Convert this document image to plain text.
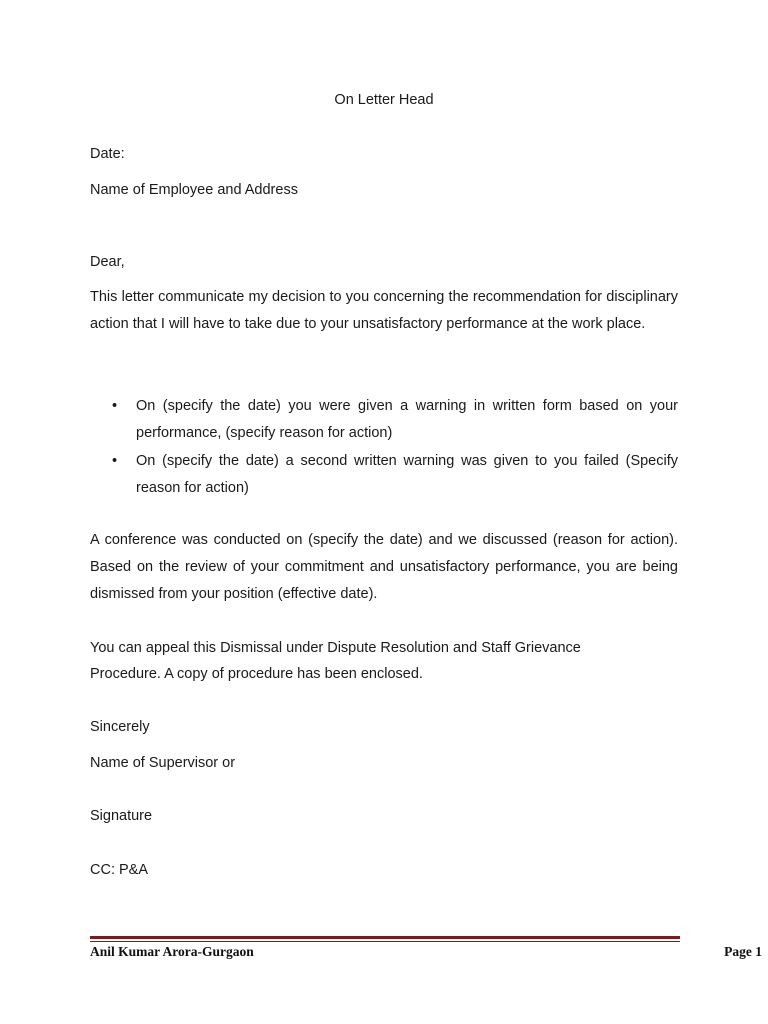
On Letter Head

Date:

Name of Employee and Address

Dear,

This letter communicate my decision to you concerning the recommendation for disciplinary action that I will have to take due to your unsatisfactory performance at the work place.

• On (specify the date) you were given a warning in written form based on your performance, (specify reason for action)
• On (specify the date) a second written warning was given to you failed (Specify reason for action)

A conference was conducted on (specify the date) and we discussed (reason for action). Based on the review of your commitment and unsatisfactory performance, you are being dismissed from your position (effective date).

You can appeal this Dismissal under Dispute Resolution and Staff Grievance

Procedure. A copy of procedure has been enclosed.

Sincerely

Name of Supervisor or

Signature

CC: P&A

Anil Kumar Arora-Gurgaon	Page 1
